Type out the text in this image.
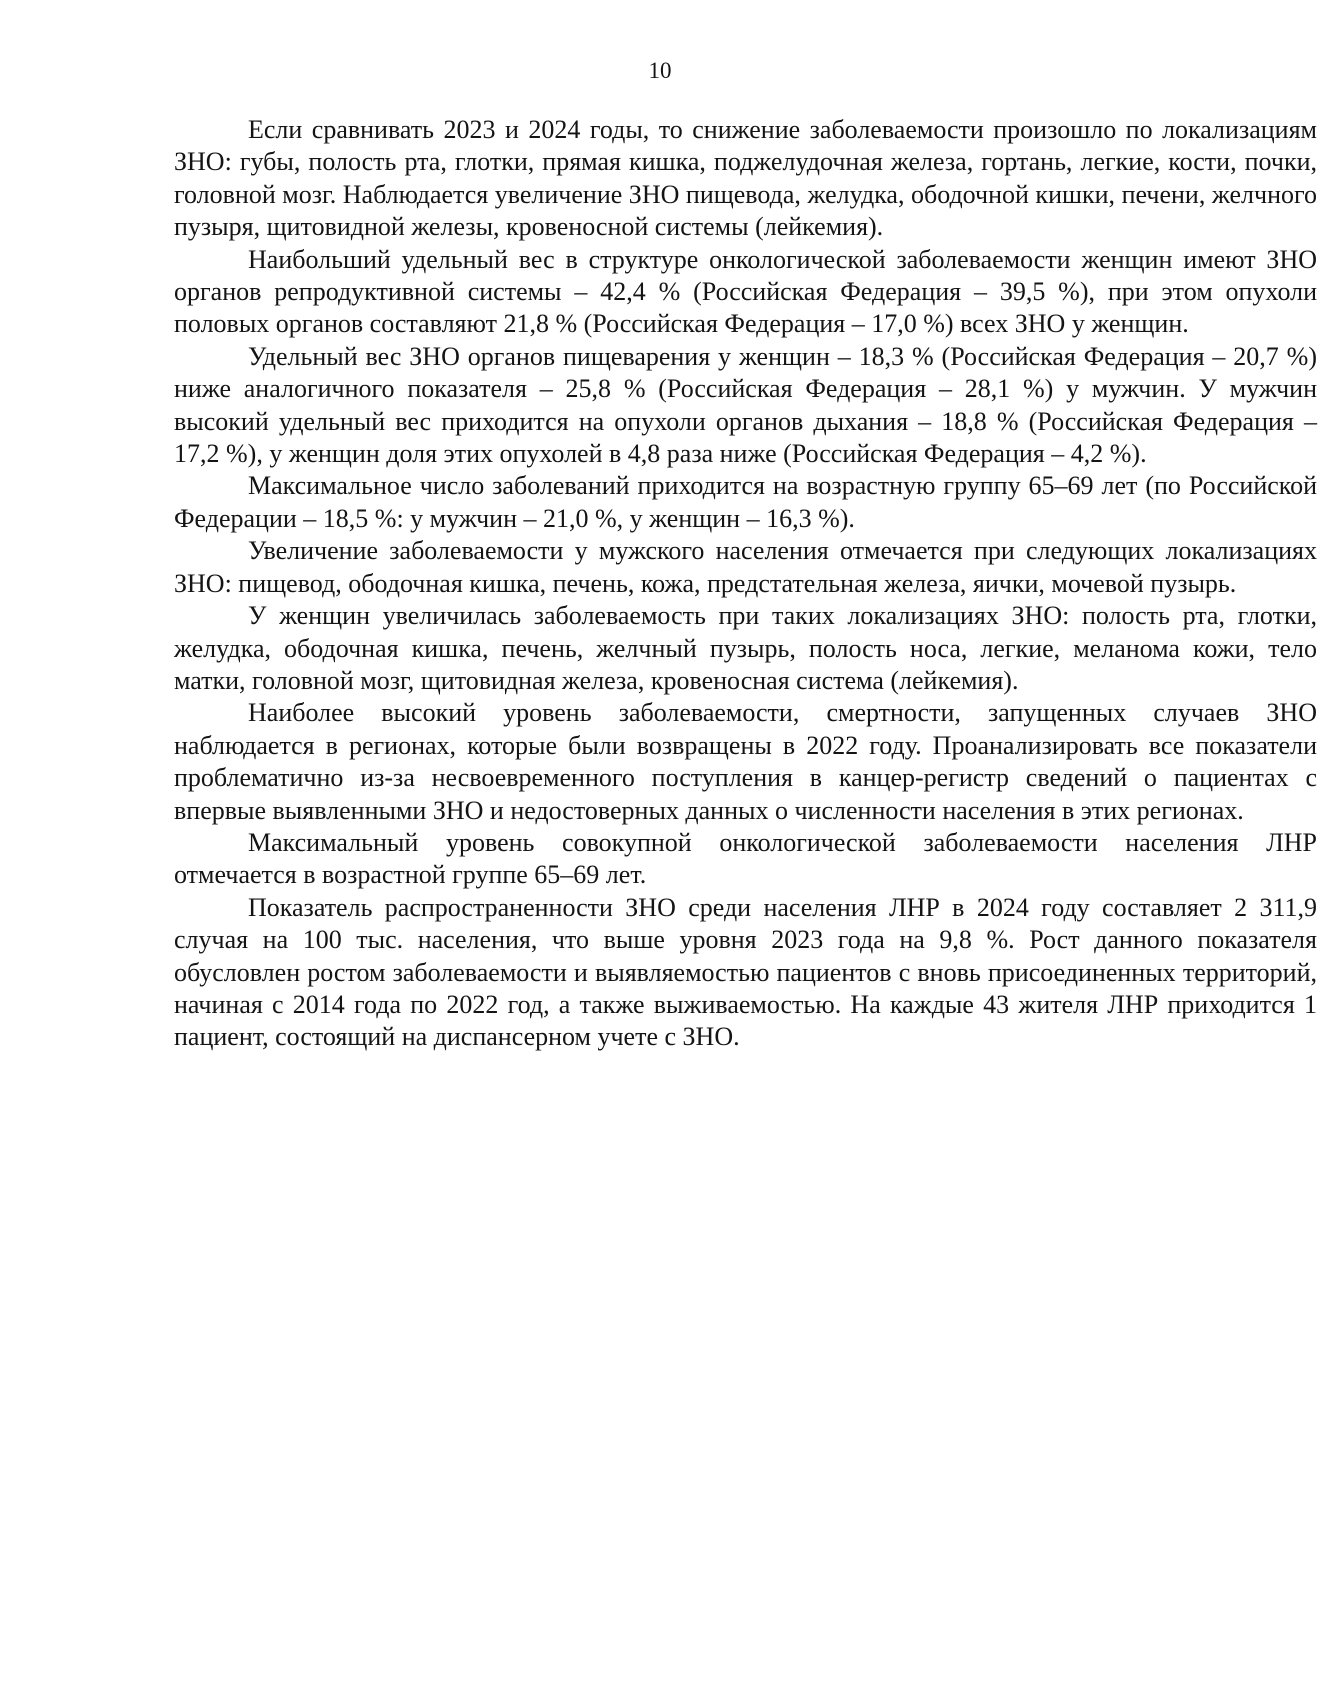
10

Если сравнивать 2023 и 2024 годы, то снижение заболеваемости произошло по локализациям ЗНО: губы, полость рта, глотки, прямая кишка, поджелудочная железа, гортань, легкие, кости, почки, головной мозг. Наблюдается увеличение ЗНО пищевода, желудка, ободочной кишки, печени, желчного пузыря, щитовидной железы, кровеносной системы (лейкемия).

Наибольший удельный вес в структуре онкологической заболеваемости женщин имеют ЗНО органов репродуктивной системы – 42,4 % (Российская Федерация – 39,5 %), при этом опухоли половых органов составляют 21,8 % (Российская Федерация – 17,0 %) всех ЗНО у женщин.

Удельный вес ЗНО органов пищеварения у женщин – 18,3 % (Российская Федерация – 20,7 %) ниже аналогичного показателя – 25,8 % (Российская Федерация – 28,1 %) у мужчин. У мужчин высокий удельный вес приходится на опухоли органов дыхания – 18,8 % (Российская Федерация – 17,2 %), у женщин доля этих опухолей в 4,8 раза ниже (Российская Федерация – 4,2 %).

Максимальное число заболеваний приходится на возрастную группу 65–69 лет (по Российской Федерации – 18,5 %: у мужчин – 21,0 %, у женщин – 16,3 %).

Увеличение заболеваемости у мужского населения отмечается при следующих локализациях ЗНО: пищевод, ободочная кишка, печень, кожа, предстательная железа, яички, мочевой пузырь.

У женщин увеличилась заболеваемость при таких локализациях ЗНО: полость рта, глотки, желудка, ободочная кишка, печень, желчный пузырь, полость носа, легкие, меланома кожи, тело матки, головной мозг, щитовидная железа, кровеносная система (лейкемия).

Наиболее высокий уровень заболеваемости, смертности, запущенных случаев ЗНО наблюдается в регионах, которые были возвращены в 2022 году. Проанализировать все показатели проблематично из-за несвоевременного поступления в канцер-регистр сведений о пациентах с впервые выявленными ЗНО и недостоверных данных о численности населения в этих регионах.

Максимальный уровень совокупной онкологической заболеваемости населения ЛНР отмечается в возрастной группе 65–69 лет.

Показатель распространенности ЗНО среди населения ЛНР в 2024 году составляет 2 311,9 случая на 100 тыс. населения, что выше уровня 2023 года на 9,8 %. Рост данного показателя обусловлен ростом заболеваемости и выявляемостью пациентов с вновь присоединенных территорий, начиная с 2014 года по 2022 год, а также выживаемостью. На каждые 43 жителя ЛНР приходится 1 пациент, состоящий на диспансерном учете с ЗНО.
